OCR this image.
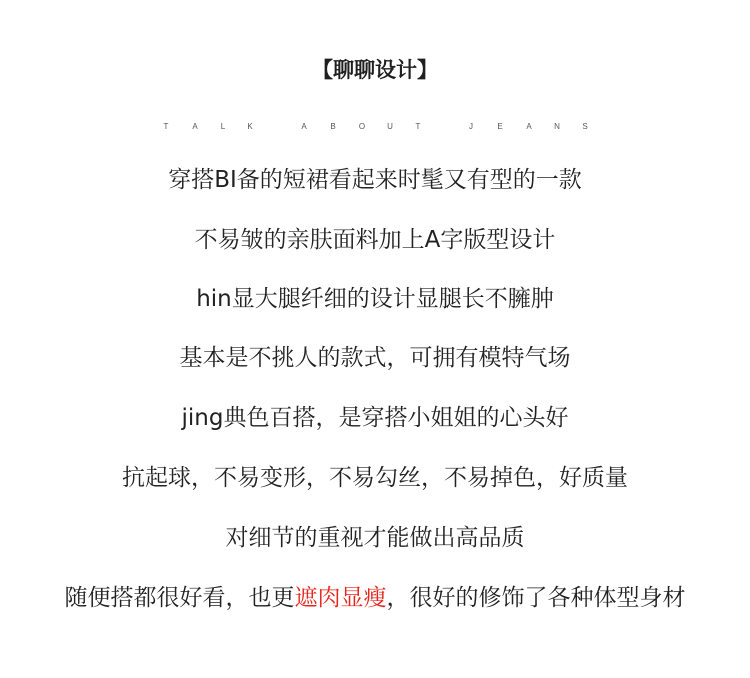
【聊聊设计】
T	A	L	K	A	B	O	U	T	J	E	A	N	S
穿搭BI备的短裙看起来时髦又有型的一款
不易皱的亲肤面料加上A字版型设计
hin显大腿纤细的设计显腿长不臃肿
基本是不挑人的款式，可拥有模特气场
jing典色百搭，是穿搭小姐姐的心头好
抗起球，不易变形，不易勾丝，不易掉色，好质量
对细节的重视才能做出高品质
随便搭都很好看，也更遮肉显瘦，很好的修饰了各种体型身材
